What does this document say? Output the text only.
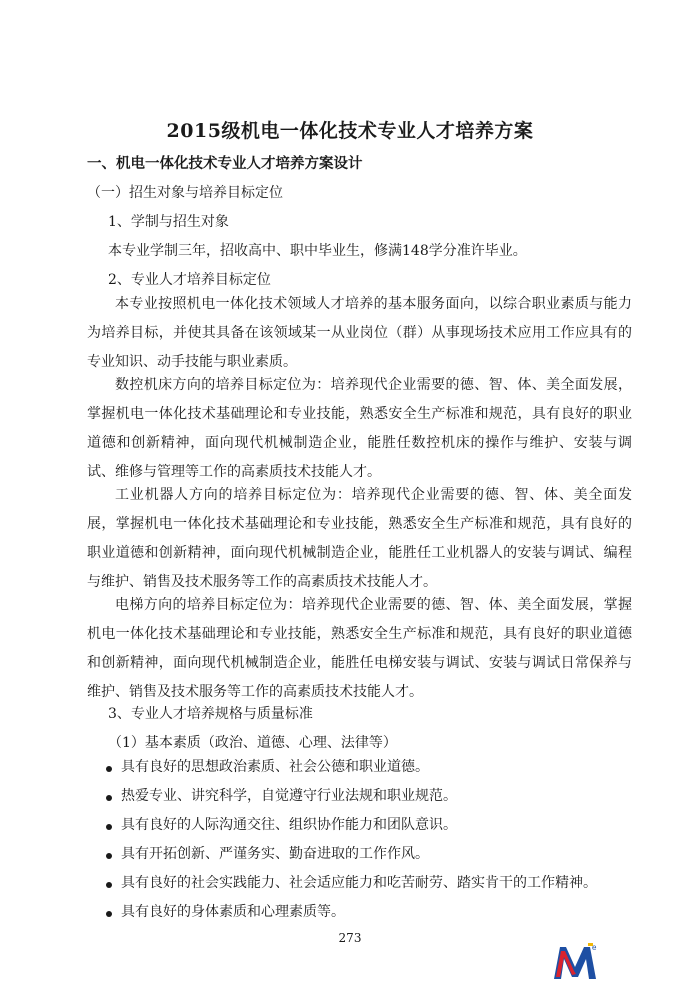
2015级机电一体化技术专业人才培养方案
一、机电一体化技术专业人才培养方案设计
（一）招生对象与培养目标定位
1、学制与招生对象
本专业学制三年，招收高中、职中毕业生，修满148学分准许毕业。
2、专业人才培养目标定位

本专业按照机电一体化技术领域人才培养的基本服务面向，以综合职业素质与能力为培养目标，并使其具备在该领域某一从业岗位（群）从事现场技术应用工作应具有的专业知识、动手技能与职业素质。

数控机床方向的培养目标定位为：培养现代企业需要的德、智、体、美全面发展，掌握机电一体化技术基础理论和专业技能，熟悉安全生产标准和规范，具有良好的职业道德和创新精神，面向现代机械制造企业，能胜任数控机床的操作与维护、安装与调试、维修与管理等工作的高素质技术技能人才。

工业机器人方向的培养目标定位为：培养现代企业需要的德、智、体、美全面发展，掌握机电一体化技术基础理论和专业技能，熟悉安全生产标准和规范，具有良好的职业道德和创新精神，面向现代机械制造企业，能胜任工业机器人的安装与调试、编程与维护、销售及技术服务等工作的高素质技术技能人才。

电梯方向的培养目标定位为：培养现代企业需要的德、智、体、美全面发展，掌握机电一体化技术基础理论和专业技能，熟悉安全生产标准和规范，具有良好的职业道德和创新精神，面向现代机械制造企业，能胜任电梯安装与调试、安装与调试日常保养与维护、销售及技术服务等工作的高素质技术技能人才。

3、专业人才培养规格与质量标准
（1）基本素质（政治、道德、心理、法律等）
具有良好的思想政治素质、社会公德和职业道德。
热爱专业、讲究科学，自觉遵守行业法规和职业规范。
具有良好的人际沟通交往、组织协作能力和团队意识。
具有开拓创新、严谨务实、勤奋进取的工作作风。
具有良好的社会实践能力、社会适应能力和吃苦耐劳、踏实肯干的工作精神。
具有良好的身体素质和心理素质等。
273
e
